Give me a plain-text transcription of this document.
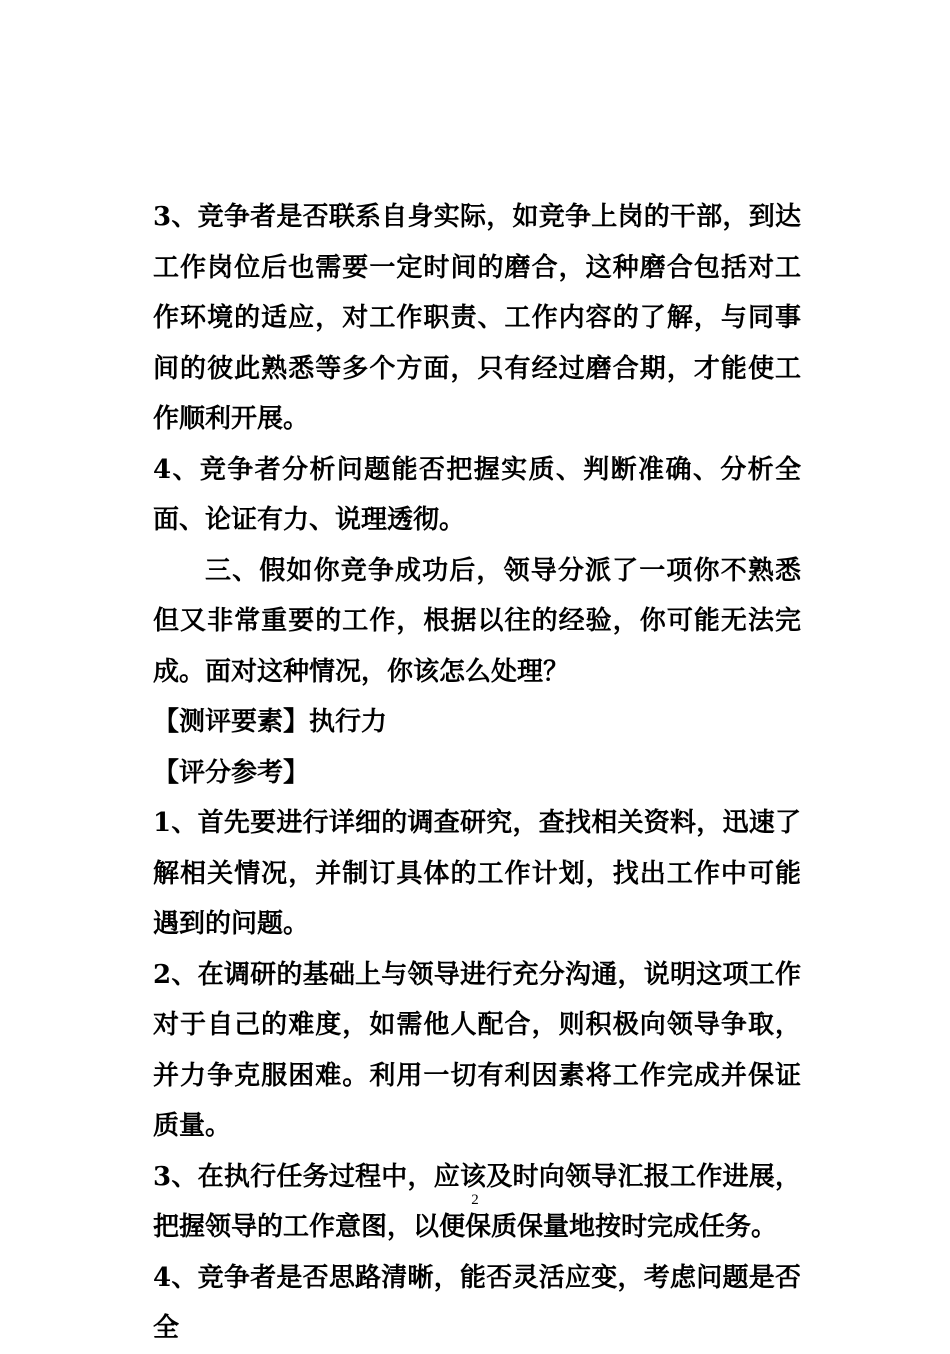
3、竞争者是否联系自身实际，如竞争上岗的干部，到达工作岗位后也需要一定时间的磨合，这种磨合包括对工作环境的适应，对工作职责、工作内容的了解，与同事间的彼此熟悉等多个方面，只有经过磨合期，才能使工作顺利开展。

4、竞争者分析问题能否把握实质、判断准确、分析全面、论证有力、说理透彻。

三、假如你竞争成功后，领导分派了一项你不熟悉但又非常重要的工作，根据以往的经验，你可能无法完成。面对这种情况，你该怎么处理？

【测评要素】执行力

【评分参考】

1、首先要进行详细的调查研究，查找相关资料，迅速了解相关情况，并制订具体的工作计划，找出工作中可能遇到的问题。

2、在调研的基础上与领导进行充分沟通，说明这项工作对于自己的难度，如需他人配合，则积极向领导争取，并力争克服困难。利用一切有利因素将工作完成并保证质量。

3、在执行任务过程中，应该及时向领导汇报工作进展，把握领导的工作意图，以便保质保量地按时完成任务。

4、竞争者是否思路清晰，能否灵活应变，考虑问题是否全

2
